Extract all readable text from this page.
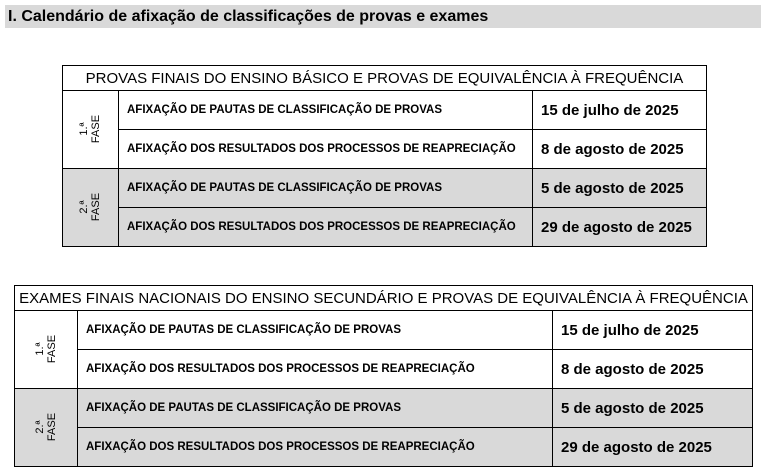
I. Calendário de afixação de classificações de provas e exames
PROVAS FINAIS DO ENSINO BÁSICO E PROVAS DE EQUIVALÊNCIA À FREQUÊNCIA		
1.ª
FASE	AFIXAÇÃO DE PAUTAS DE CLASSIFICAÇÃO DE PROVAS	15 de julho de 2025
	AFIXAÇÃO DOS RESULTADOS DOS PROCESSOS DE REAPRECIAÇÃO	8 de agosto de 2025
2.ª
FASE	AFIXAÇÃO DE PAUTAS DE CLASSIFICAÇÃO DE PROVAS	5 de agosto de 2025
	AFIXAÇÃO DOS RESULTADOS DOS PROCESSOS DE REAPRECIAÇÃO	29 de agosto de 2025
EXAMES FINAIS NACIONAIS DO ENSINO SECUNDÁRIO E PROVAS DE EQUIVALÊNCIA À FREQUÊNCIA		
1.ª
FASE	AFIXAÇÃO DE PAUTAS DE CLASSIFICAÇÃO DE PROVAS	15 de julho de 2025
	AFIXAÇÃO DOS RESULTADOS DOS PROCESSOS DE REAPRECIAÇÃO	8 de agosto de 2025
2.ª
FASE	AFIXAÇÃO DE PAUTAS DE CLASSIFICAÇÃO DE PROVAS	5 de agosto de 2025
	AFIXAÇÃO DOS RESULTADOS DOS PROCESSOS DE REAPRECIAÇÃO	29 de agosto de 2025
